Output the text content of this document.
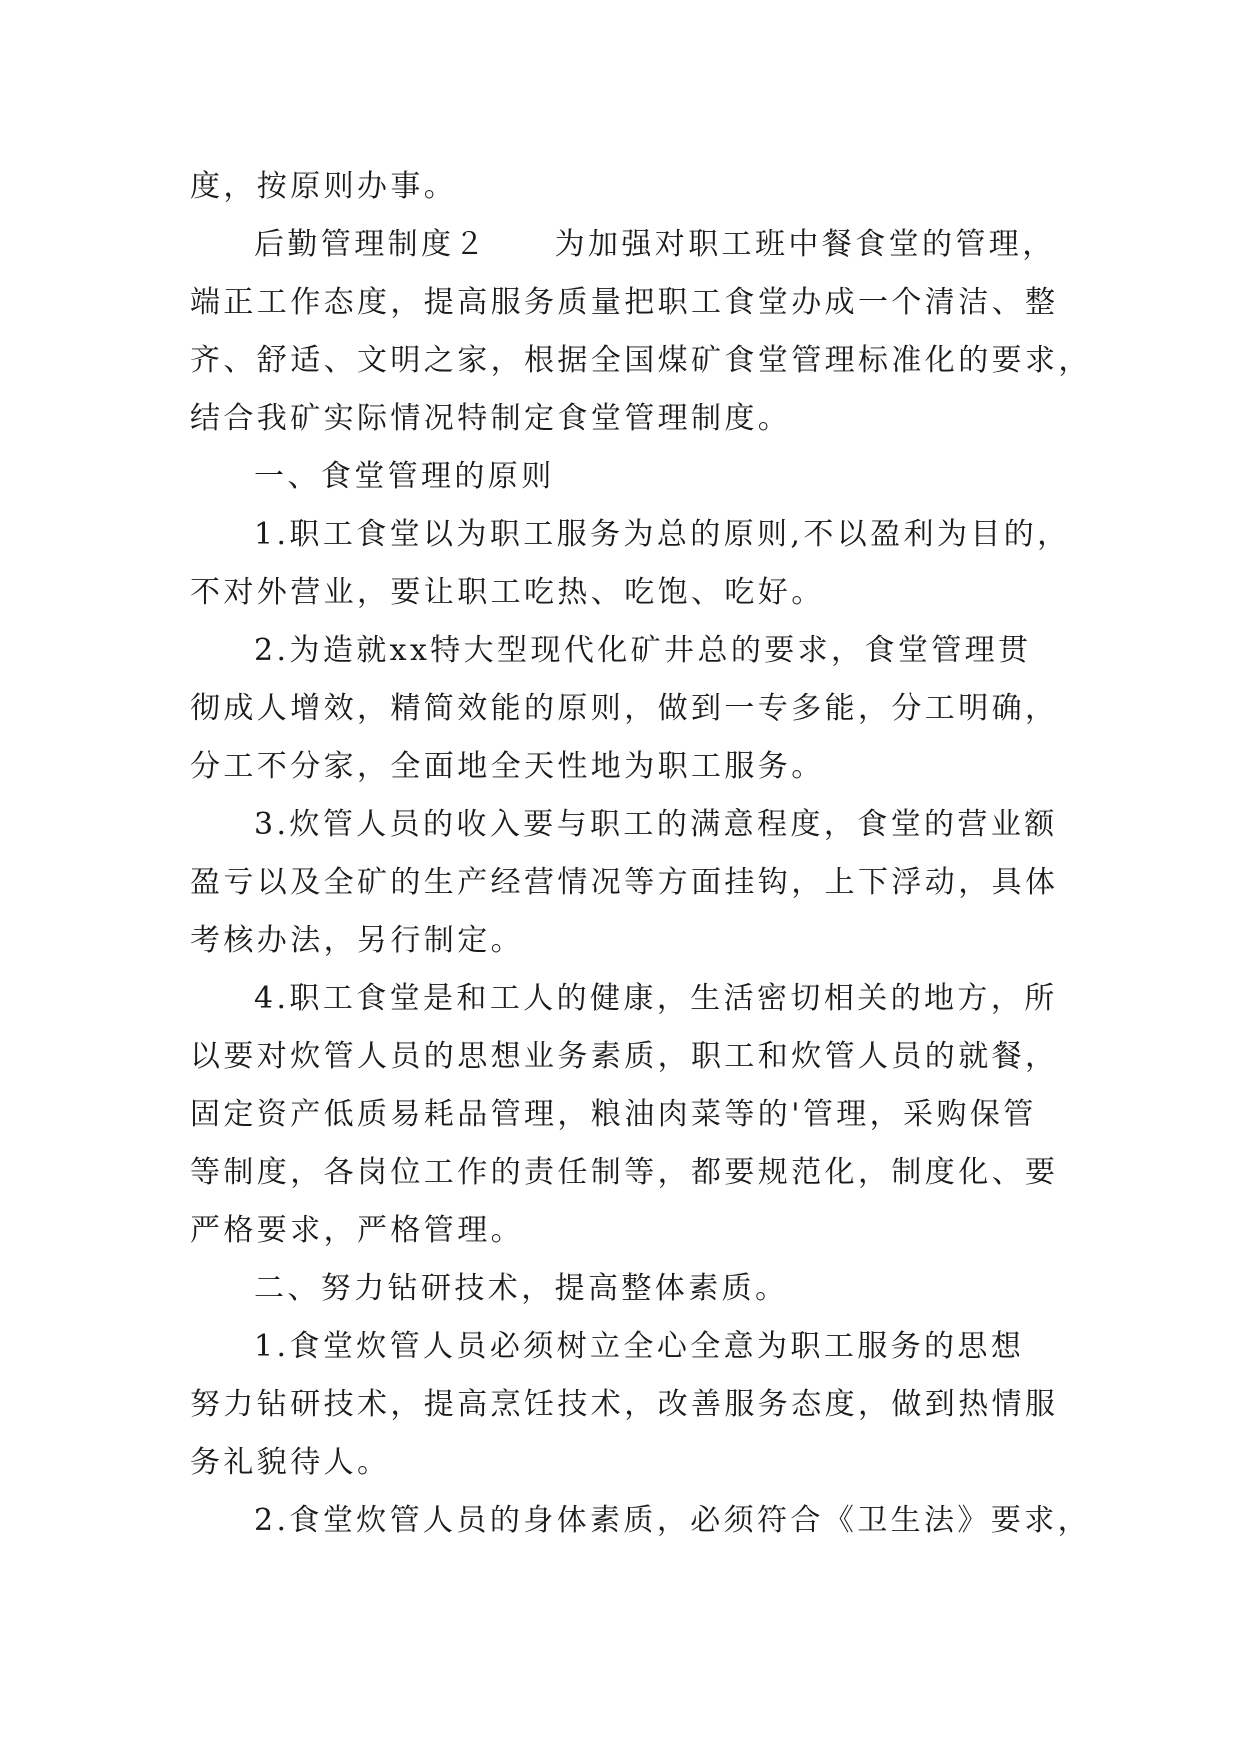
度，按原则办事。
后勤管理制度２　　为加强对职工班中餐食堂的管理，
端正工作态度，提高服务质量把职工食堂办成一个清洁、整
齐、舒适、文明之家，根据全国煤矿食堂管理标准化的要求，
结合我矿实际情况特制定食堂管理制度。
一、食堂管理的原则
1.职工食堂以为职工服务为总的原则,不以盈利为目的，
不对外营业，要让职工吃热、吃饱、吃好。
2.为造就xx特大型现代化矿井总的要求，食堂管理贯
彻成人增效，精简效能的原则，做到一专多能，分工明确，
分工不分家，全面地全天性地为职工服务。
3.炊管人员的收入要与职工的满意程度，食堂的营业额
盈亏以及全矿的生产经营情况等方面挂钩，上下浮动，具体
考核办法，另行制定。
4.职工食堂是和工人的健康，生活密切相关的地方，所
以要对炊管人员的思想业务素质，职工和炊管人员的就餐，
固定资产低质易耗品管理，粮油肉菜等的'管理，采购保管
等制度，各岗位工作的责任制等，都要规范化，制度化、要
严格要求，严格管理。
二、努力钻研技术，提高整体素质。
1.食堂炊管人员必须树立全心全意为职工服务的思想
努力钻研技术，提高烹饪技术，改善服务态度，做到热情服
务礼貌待人。
2.食堂炊管人员的身体素质，必须符合《卫生法》要求，
